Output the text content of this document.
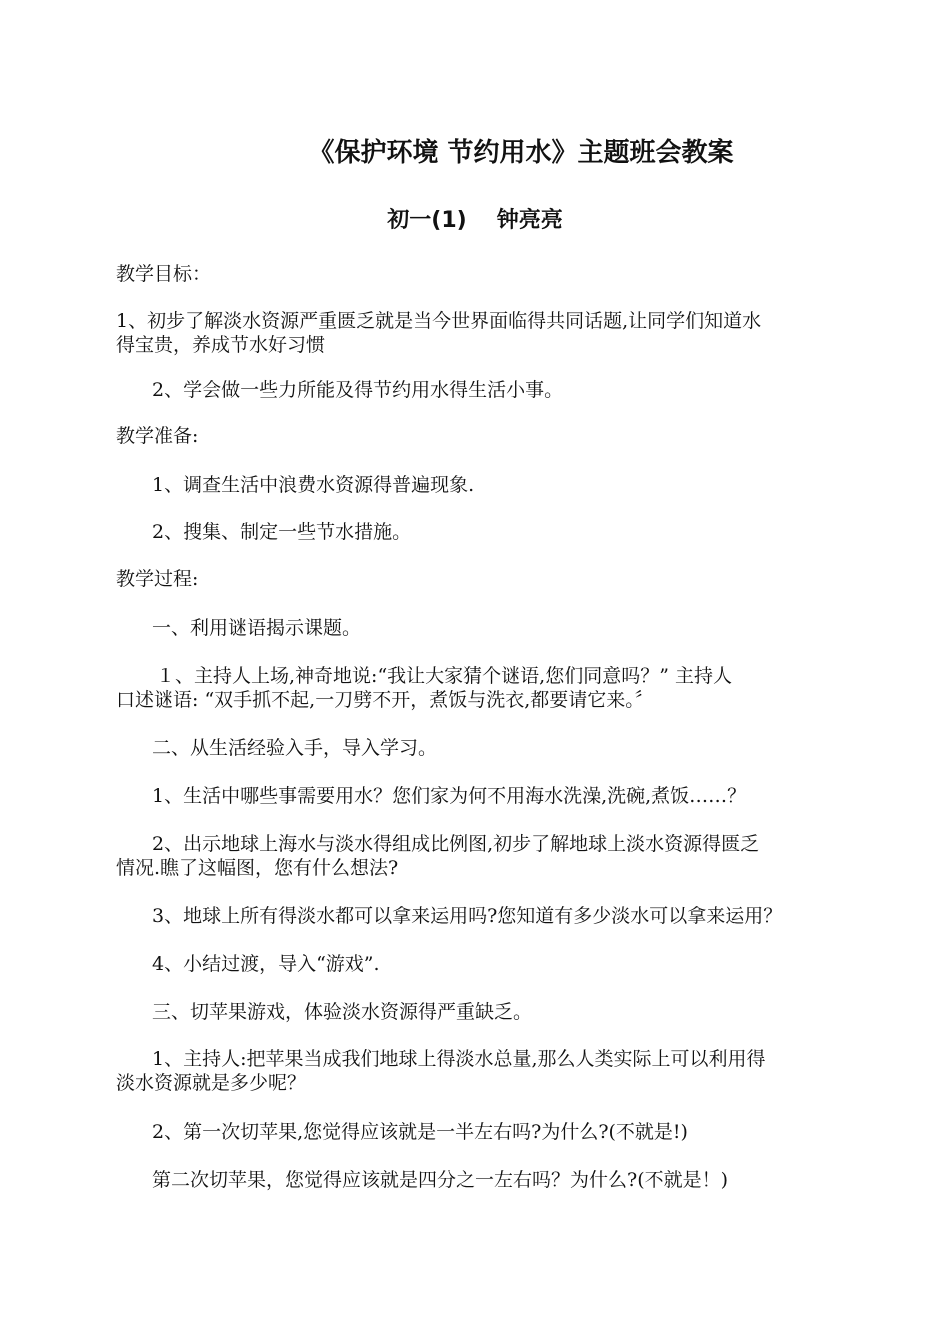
《保护环境 节约用水》主题班会教案
初一(1) 钟亮亮

教学目标：

1、初步了解淡水资源严重匮乏就是当今世界面临得共同话题,让同学们知道水

得宝贵，养成节水好习惯

2、学会做一些力所能及得节约用水得生活小事。

教学准备:

1、调查生活中浪费水资源得普遍现象.

2、搜集、制定一些节水措施。

教学过程:

一、利用谜语揭示课题。

１、主持人上场,神奇地说:“我让大家猜个谜语,您们同意吗？” 主持人

口述谜语: “双手抓不起,一刀劈不开，煮饭与洗衣,都要请它来。〞

二、从生活经验入手，导入学习。

1、生活中哪些事需要用水？您们家为何不用海水洗澡,洗碗,煮饭……？

2、出示地球上海水与淡水得组成比例图,初步了解地球上淡水资源得匮乏

情况.瞧了这幅图，您有什么想法?

3、地球上所有得淡水都可以拿来运用吗?您知道有多少淡水可以拿来运用？

4、小结过渡，导入“游戏”.

三、切苹果游戏，体验淡水资源得严重缺乏。

1、主持人:把苹果当成我们地球上得淡水总量,那么人类实际上可以利用得

淡水资源就是多少呢？

2、第一次切苹果,您觉得应该就是一半左右吗?为什么?(不就是!)

第二次切苹果，您觉得应该就是四分之一左右吗？为什么?(不就是！)
